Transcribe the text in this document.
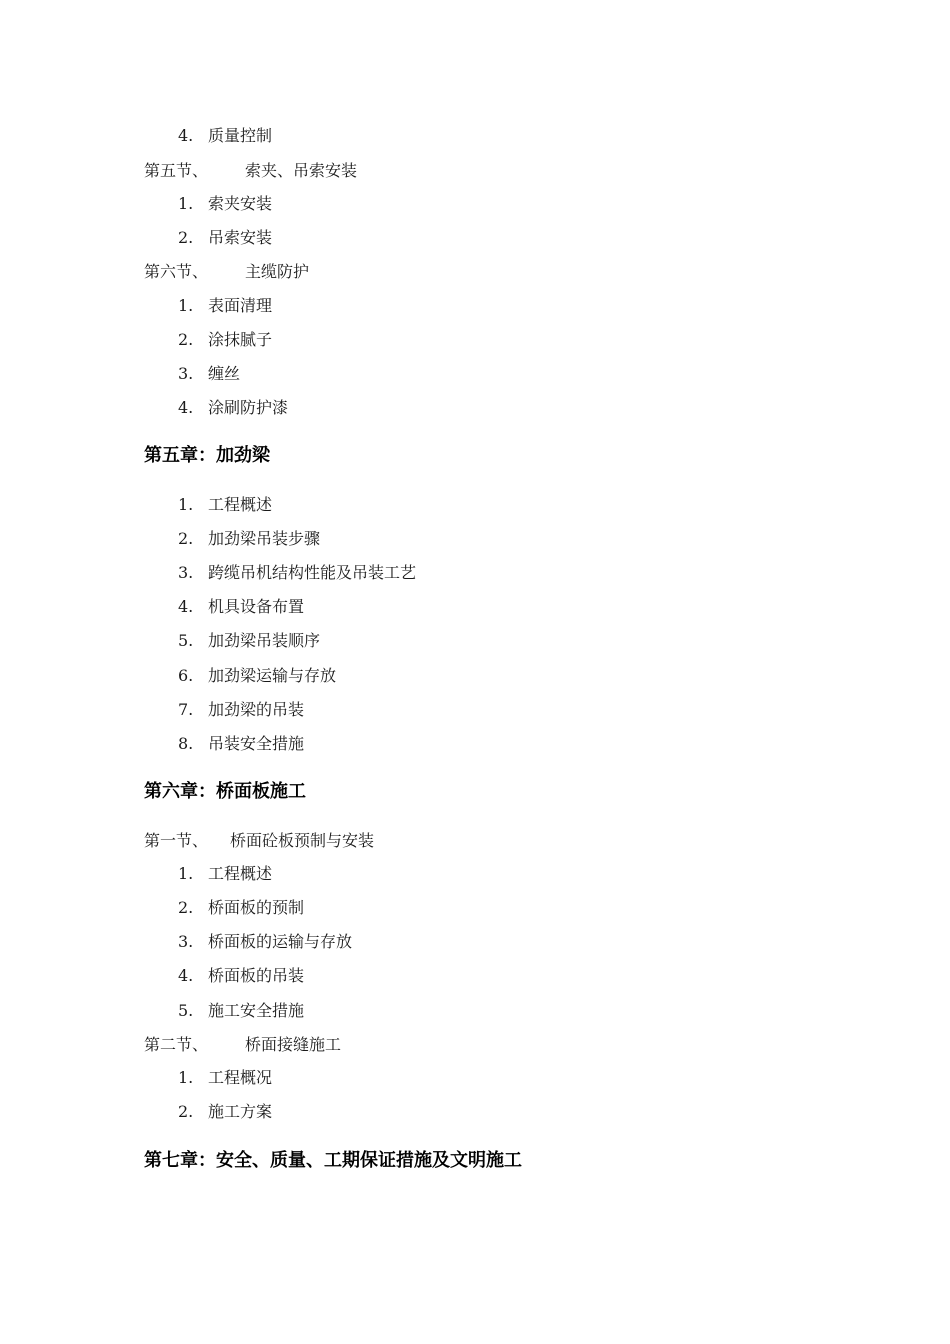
4. 质量控制
第五节、 索夹、吊索安装
1. 索夹安装
2. 吊索安装
第六节、 主缆防护
1. 表面清理
2. 涂抹腻子
3. 缠丝
4. 涂刷防护漆
第五章：加劲梁
1. 工程概述
2. 加劲梁吊装步骤
3. 跨缆吊机结构性能及吊装工艺
4. 机具设备布置
5. 加劲梁吊装顺序
6. 加劲梁运输与存放
7. 加劲梁的吊装
8. 吊装安全措施
第六章：桥面板施工
第一节、 桥面砼板预制与安装
1. 工程概述
2. 桥面板的预制
3. 桥面板的运输与存放
4. 桥面板的吊装
5. 施工安全措施
第二节、 桥面接缝施工
1. 工程概况
2. 施工方案
第七章：安全、质量、工期保证措施及文明施工
